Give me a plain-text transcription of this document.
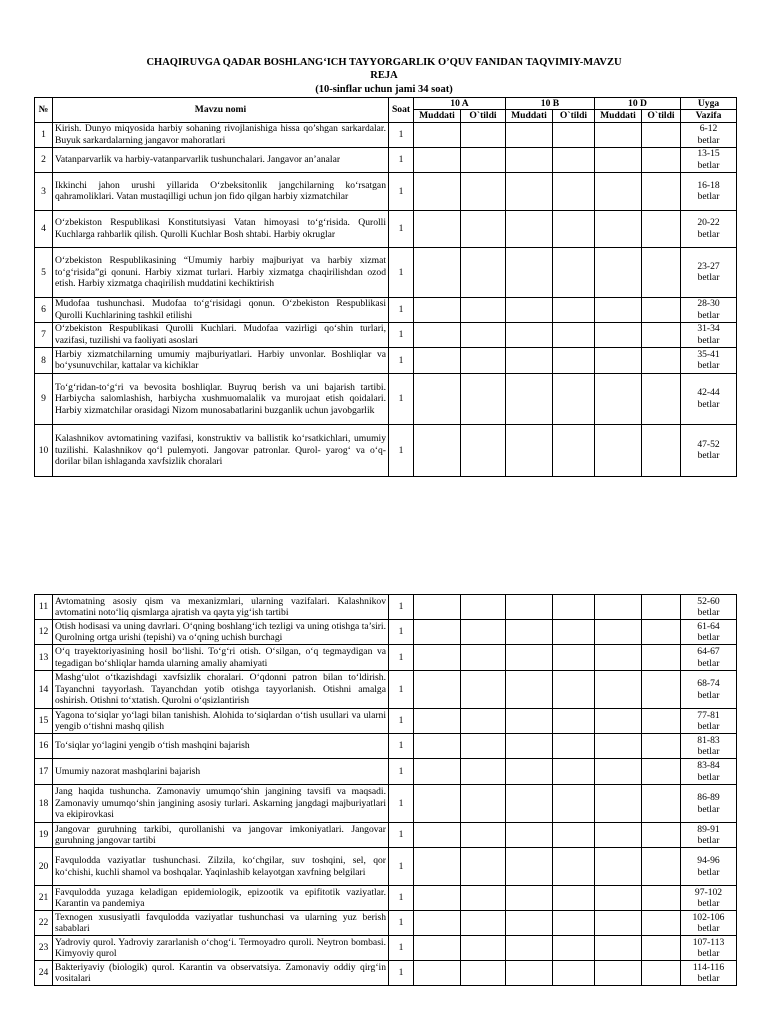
CHAQIRUVGA QADAR BOSHLANG‘ICH TAYYORGARLIK O’QUV FANIDAN TAQVIMIY-MAVZU
REJA
(10-sinflar uchun jami 34 soat)
№	Mavzu nomi	Soat	10 A		10 B		10 D		Uyga
			Muddati	O`tildi	Muddati	O`tildi	Muddati	O`tildi	Vazifa
1	Kirish. Dunyo miqyosida harbiy sohaning rivojlanishiga hissa qo’shgan sarkardalar. Buyuk sarkardalarning jangavor mahoratlari	1							6-12
betlar

2	Vatanparvarlik va harbiy-vatanparvarlik tushunchalari. Jangavor an’analar	1							13-15
betlar

3	Ikkinchi jahon urushi yillarida O‘zbeksitonlik jangchilarning ko‘rsatgan qahramoliklari. Vatan mustaqilligi uchun jon fido qilgan harbiy xizmatchilar	1							16-18
betlar

4	O‘zbekiston Respublikasi Konstitutsiyasi Vatan himoyasi to‘g‘risida. Qurolli Kuchlarga rahbarlik qilish. Qurolli Kuchlar Bosh shtabi. Harbiy okruglar	1							20-22
betlar

5	O‘zbekiston Respublikasining “Umumiy harbiy majburiyat va harbiy xizmat to‘g‘risida”gi qonuni. Harbiy xizmat turlari. Harbiy xizmatga chaqirilishdan ozod etish. Harbiy xizmatga chaqirilish muddatini kechiktirish	1							23-27
betlar

6	Mudofaa tushunchasi. Mudofaa to‘g‘risidagi qonun. O‘zbekiston Respublikasi Qurolli Kuchlarining tashkil etilishi	1							28-30
betlar

7	O‘zbekiston Respublikasi Qurolli Kuchlari. Mudofaa vazirligi qo‘shin turlari, vazifasi, tuzilishi va faoliyati asoslari	1							31-34
betlar

8	Harbiy xizmatchilarning umumiy majburiyatlari. Harbiy unvonlar. Boshliqlar va bo‘ysunuvchilar, kattalar va kichiklar	1							35-41
betlar

9	To‘g‘ridan-to‘g‘ri va bevosita boshliqlar. Buyruq berish va uni bajarish tartibi. Harbiycha salomlashish, harbiycha xushmuomalalik va murojaat etish qoidalari. Harbiy xizmatchilar orasidagi Nizom munosabatlarini buzganlik uchun javobgarlik	1							42-44
betlar

10	Kalashnikov avtomatining vazifasi, konstruktiv va ballistik ko‘rsatkichlari, umumiy tuzilishi. Kalashnikov qo‘l pulemyoti. Jangovar patronlar. Qurol- yarog‘ va o‘q-dorilar bilan ishlaganda xavfsizlik choralari	1							47-52
betlar
11	Avtomatning asosiy qism va mexanizmlari, ularning vazifalari. Kalashnikov avtomatini noto‘liq qismlarga ajratish va qayta yig‘ish tartibi	1							52-60
betlar

12	Otish hodisasi va uning davrlari. O‘qning boshlang‘ich tezligi va uning otishga ta’siri. Qurolning ortga urishi (tepishi) va o‘qning uchish burchagi	1							61-64
betlar

13	O‘q trayektoriyasining hosil bo‘lishi. To‘g‘ri otish. O‘silgan, o‘q tegmaydigan va tegadigan bo‘shliqlar hamda ularning amaliy ahamiyati	1							64-67
betlar

14	Mashg‘ulot o‘tkazishdagi xavfsizlik choralari. O‘qdonni patron bilan to‘ldirish. Tayanchni tayyorlash. Tayanchdan yotib otishga tayyorlanish. Otishni amalga oshirish. Otishni to‘xtatish. Qurolni o‘qsizlantirish	1							68-74
betlar

15	Yagona to‘siqlar yo‘lagi bilan tanishish. Alohida to‘siqlardan o‘tish usullari va ularni yengib o‘tishni mashq qilish	1							77-81
betlar

16	To‘siqlar yo‘lagini yengib o‘tish mashqini bajarish	1							81-83
betlar

17	Umumiy nazorat mashqlarini bajarish	1							83-84
betlar

18	Jang haqida tushuncha. Zamonaviy umumqo‘shin jangining tavsifi va maqsadi. Zamonaviy umumqo‘shin jangining asosiy turlari. Askarning jangdagi majburiyatlari va ekipirovkasi	1							86-89
betlar

19	Jangovar guruhning tarkibi, qurollanishi va jangovar imkoniyatlari. Jangovar guruhning jangovar tartibi	1							89-91
betlar

20	Favqulodda vaziyatlar tushunchasi. Zilzila, ko‘chgilar, suv toshqini, sel, qor ko‘chishi, kuchli shamol va boshqalar. Yaqinlashib kelayotgan xavfning belgilari	1							94-96
betlar

21	Favqulodda yuzaga keladigan epidemiologik, epizootik va epifitotik vaziyatlar. Karantin va pandemiya	1							97-102
betlar

22	Texnogen xususiyatli favqulodda vaziyatlar tushunchasi va ularning yuz berish sabablari	1							102-106
betlar

23	Yadroviy qurol. Yadroviy zararlanish o‘chog‘i. Termoyadro quroli. Neytron bombasi. Kimyoviy qurol	1							107-113
betlar

24	Bakteriyaviy (biologik) qurol. Karantin va observatsiya. Zamonaviy oddiy qirg‘in vositalari	1							114-116
betlar
